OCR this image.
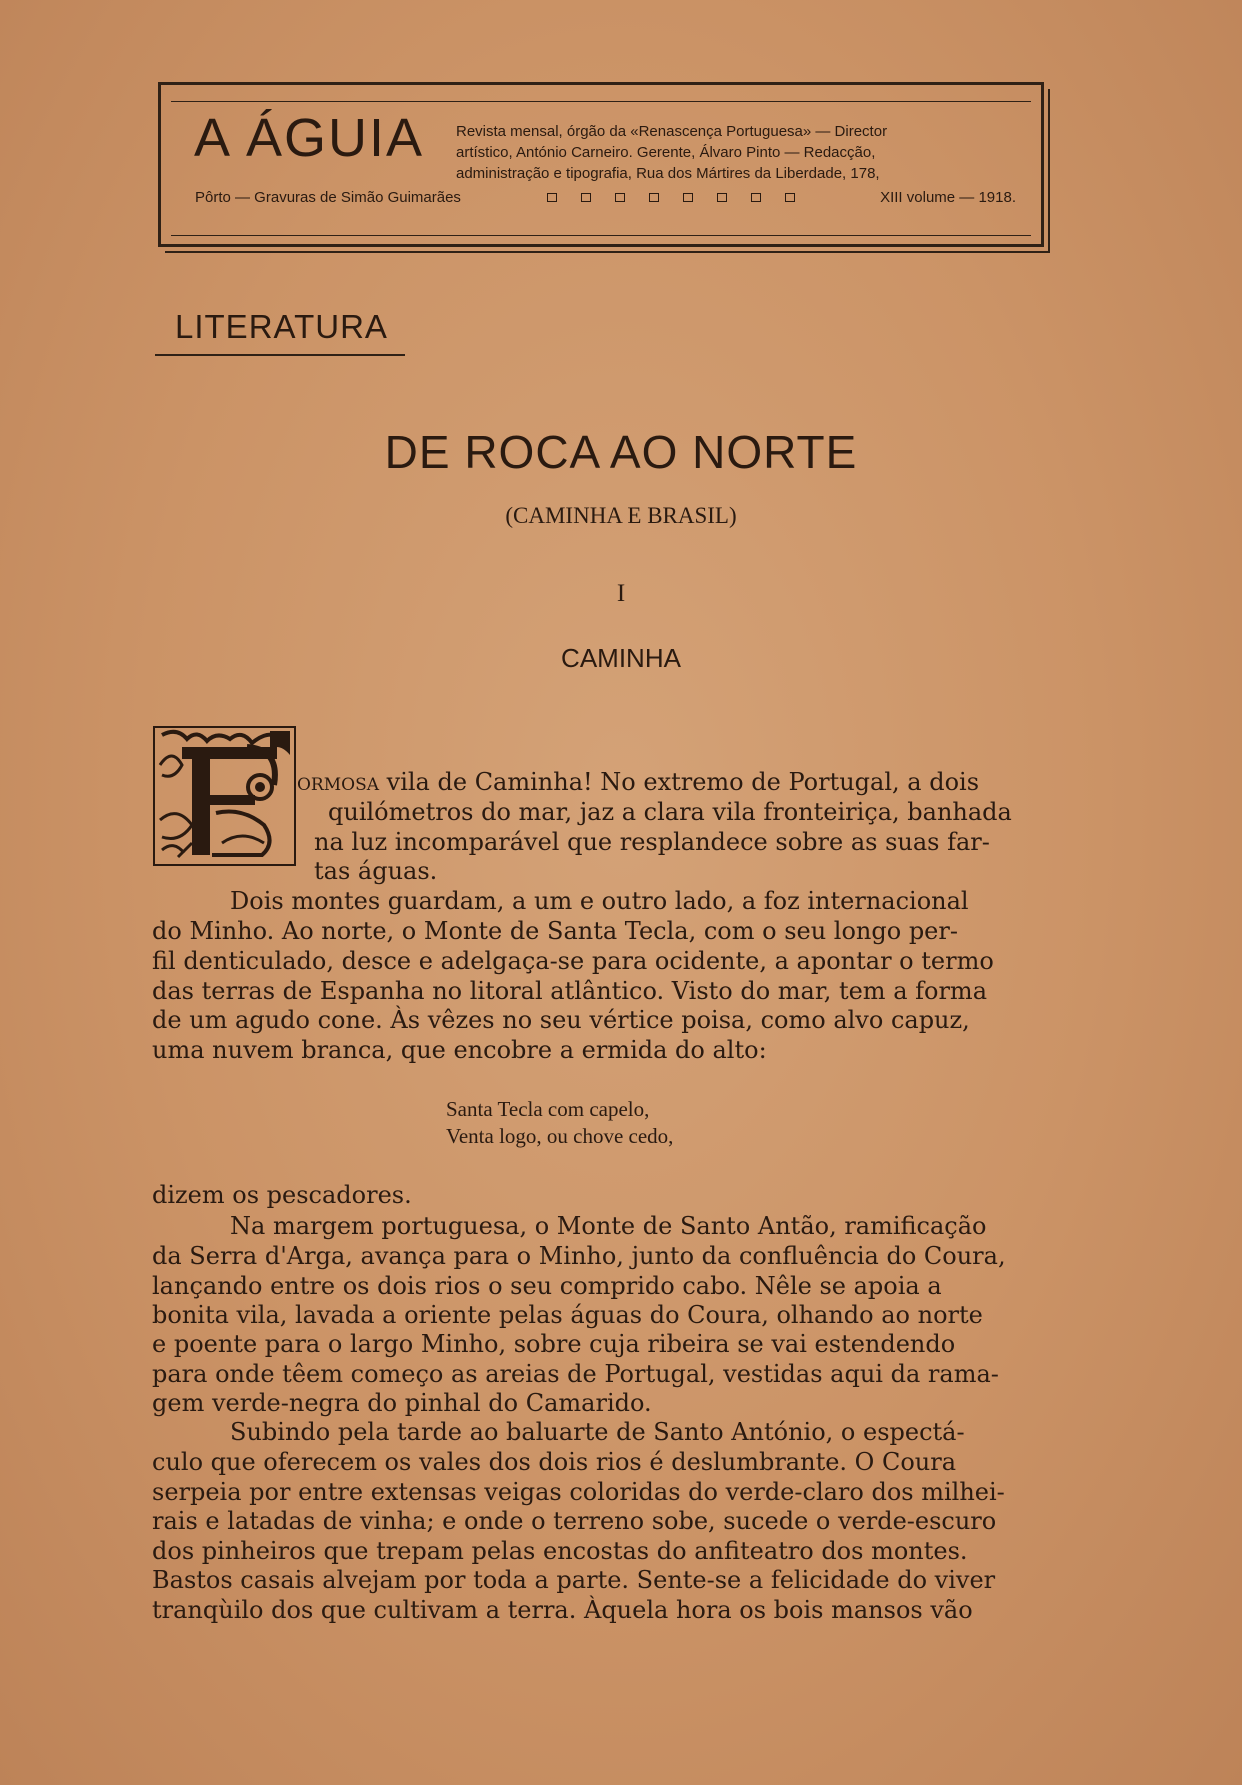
A ÁGUIA Revista mensal, órgão da «Renascença Portuguesa» — Director
artístico, António Carneiro. Gerente, Álvaro Pinto — Redacção,
administração e tipografia, Rua dos Mártires da Liberdade, 178,
Pôrto — Gravuras de Simão Guimarães	XIII volume — 1918.
LITERATURA
DE ROCA AO NORTE
(CAMINHA E BRASIL)
I
CAMINHA
ormosa vila de Caminha! No extremo de Portugal, a dois
quilómetros do mar, jaz a clara vila fronteiriça, banhada
na luz incomparável que resplandece sobre as suas far-
tas águas.
Dois montes guardam, a um e outro lado, a foz internacional
do Minho. Ao norte, o Monte de Santa Tecla, com o seu longo per-
fil denticulado, desce e adelgaça-se para ocidente, a apontar o termo
das terras de Espanha no litoral atlântico. Visto do mar, tem a forma
de um agudo cone. Às vêzes no seu vértice poisa, como alvo capuz,
uma nuvem branca, que encobre a ermida do alto:
Santa Tecla com capelo,
Venta logo, ou chove cedo,
dizem os pescadores.
Na margem portuguesa, o Monte de Santo Antão, ramificação
da Serra d'Arga, avança para o Minho, junto da confluência do Coura,
lançando entre os dois rios o seu comprido cabo. Nêle se apoia a
bonita vila, lavada a oriente pelas águas do Coura, olhando ao norte
e poente para o largo Minho, sobre cuja ribeira se vai estendendo
para onde têem começo as areias de Portugal, vestidas aqui da rama-
gem verde-negra do pinhal do Camarido.
Subindo pela tarde ao baluarte de Santo António, o espectá-
culo que oferecem os vales dos dois rios é deslumbrante. O Coura
serpeia por entre extensas veigas coloridas do verde-claro dos milhei-
rais e latadas de vinha; e onde o terreno sobe, sucede o verde-escuro
dos pinheiros que trepam pelas encostas do anfiteatro dos montes.
Bastos casais alvejam por toda a parte. Sente-se a felicidade do viver
tranqùilo dos que cultivam a terra. Àquela hora os bois mansos vão
